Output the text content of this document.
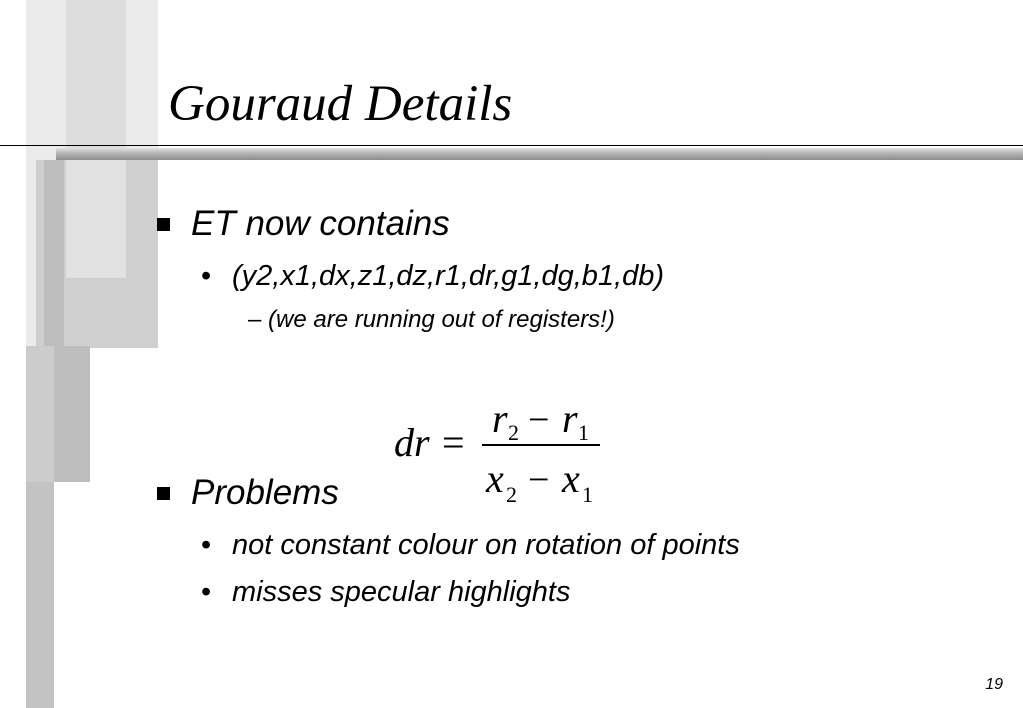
Gouraud Details
ET now contains
• (y2,x1,dx,z1,dz,r1,dr,g1,dg,b1,db)
– (we are running out of registers!)
dr =
r 2 − r 1
x 2 − x 1
Problems
• not constant colour on rotation of points
• misses specular highlights
19
